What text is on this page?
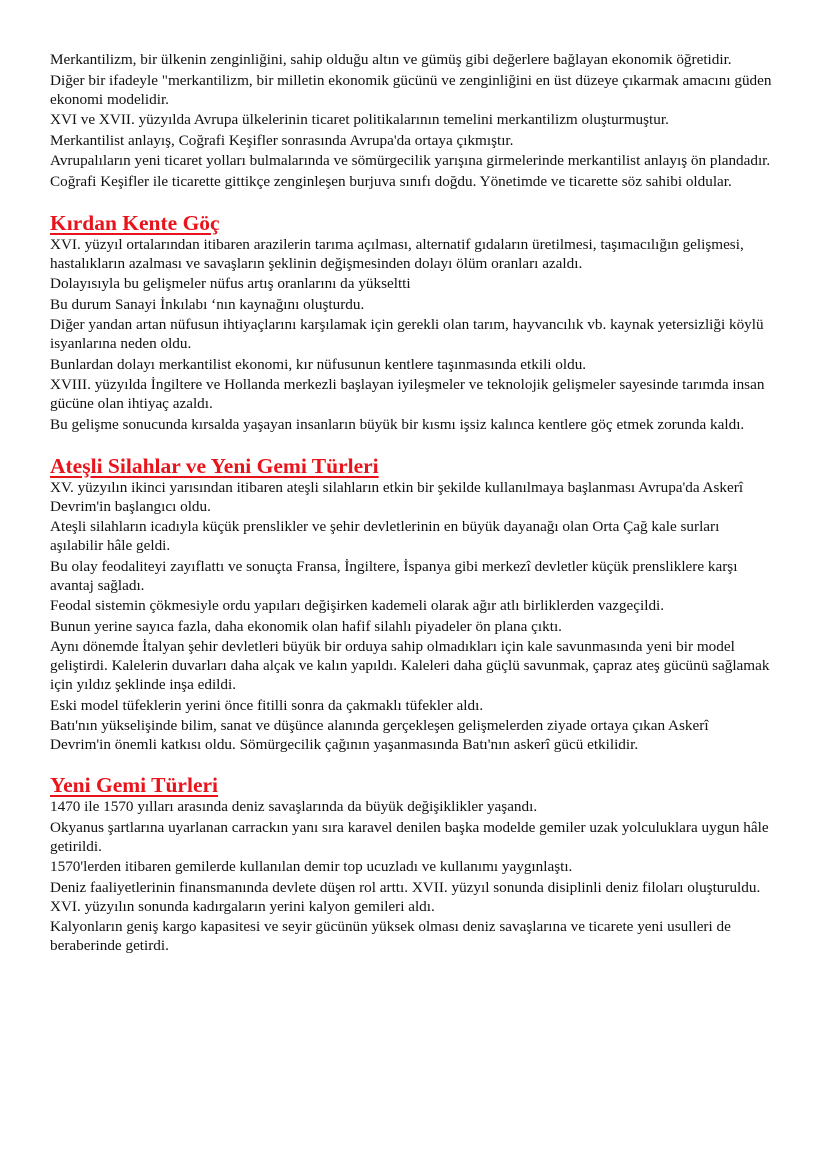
Merkantilizm, bir ülkenin zenginliğini, sahip olduğu altın ve gümüş gibi değerlere bağlayan ekonomik öğretidir.

Diğer bir ifadeyle "merkantilizm, bir milletin ekonomik gücünü ve zenginliğini en üst düzeye çıkarmak amacını güden ekonomi modelidir.

XVI ve XVII. yüzyılda Avrupa ülkelerinin ticaret politikalarının temelini merkantilizm oluşturmuştur.

Merkantilist anlayış, Coğrafi Keşifler sonrasında Avrupa'da ortaya çıkmıştır.

Avrupalıların yeni ticaret yolları bulmalarında ve sömürgecilik yarışına girmelerinde merkantilist anlayış ön plandadır.

Coğrafi Keşifler ile ticarette gittikçe zenginleşen burjuva sınıfı doğdu. Yönetimde ve ticarette söz sahibi oldular.

Kırdan Kente Göç

XVI. yüzyıl ortalarından itibaren arazilerin tarıma açılması, alternatif gıdaların üretilmesi, taşımacılığın gelişmesi, hastalıkların azalması ve savaşların şeklinin değişmesinden dolayı ölüm oranları azaldı.

Dolayısıyla bu gelişmeler nüfus artış oranlarını da yükseltti

Bu durum Sanayi İnkılabı ‘nın kaynağını oluşturdu.

Diğer yandan artan nüfusun ihtiyaçlarını karşılamak için gerekli olan tarım, hayvancılık vb. kaynak yetersizliği köylü isyanlarına neden oldu.

Bunlardan dolayı merkantilist ekonomi, kır nüfusunun kentlere taşınmasında etkili oldu.

XVIII. yüzyılda İngiltere ve Hollanda merkezli başlayan iyileşmeler ve teknolojik gelişmeler sayesinde tarımda insan gücüne olan ihtiyaç azaldı.

Bu gelişme sonucunda kırsalda yaşayan insanların büyük bir kısmı işsiz kalınca kentlere göç etmek zorunda kaldı.

Ateşli Silahlar ve Yeni Gemi Türleri

XV. yüzyılın ikinci yarısından itibaren ateşli silahların etkin bir şekilde kullanılmaya başlanması Avrupa'da Askerî Devrim'in başlangıcı oldu.

Ateşli silahların icadıyla küçük prenslikler ve şehir devletlerinin en büyük dayanağı olan Orta Çağ kale surları aşılabilir hâle geldi.

Bu olay feodaliteyi zayıflattı ve sonuçta Fransa, İngiltere, İspanya gibi merkezî devletler küçük prensliklere karşı avantaj sağladı.

Feodal sistemin çökmesiyle ordu yapıları değişirken kademeli olarak ağır atlı birliklerden vazgeçildi.

Bunun yerine sayıca fazla, daha ekonomik olan hafif silahlı piyadeler ön plana çıktı.

Aynı dönemde İtalyan şehir devletleri büyük bir orduya sahip olmadıkları için kale savunmasında yeni bir model geliştirdi. Kalelerin duvarları daha alçak ve kalın yapıldı. Kaleleri daha güçlü savunmak, çapraz ateş gücünü sağlamak için yıldız şeklinde inşa edildi.

Eski model tüfeklerin yerini önce fitilli sonra da çakmaklı tüfekler aldı.

Batı'nın yükselişinde bilim, sanat ve düşünce alanında gerçekleşen gelişmelerden ziyade ortaya çıkan Askerî Devrim'in önemli katkısı oldu. Sömürgecilik çağının yaşanmasında Batı'nın askerî gücü etkilidir.

Yeni Gemi Türleri

1470 ile 1570 yılları arasında deniz savaşlarında da büyük değişiklikler yaşandı.

Okyanus şartlarına uyarlanan carrackın yanı sıra karavel denilen başka modelde gemiler uzak yolculuklara uygun hâle getirildi.

1570'lerden itibaren gemilerde kullanılan demir top ucuzladı ve kullanımı yaygınlaştı.

Deniz faaliyetlerinin finansmanında devlete düşen rol arttı. XVII. yüzyıl sonunda disiplinli deniz filoları oluşturuldu. XVI. yüzyılın sonunda kadırgaların yerini kalyon gemileri aldı.

Kalyonların geniş kargo kapasitesi ve seyir gücünün yüksek olması deniz savaşlarına ve ticarete yeni usulleri de beraberinde getirdi.
